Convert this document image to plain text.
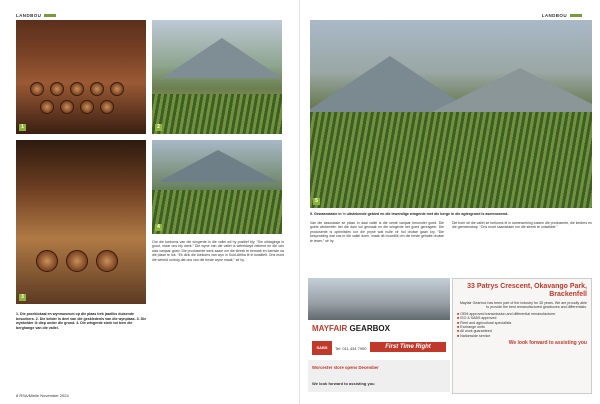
LANDBOU
1	2
3
4
1. Die proeklokaal en wynmuseum op die plaas trek jaarliks duisende besoekers. 2. Die kelder is deel van die geskiedenis van die wynplaas. 3. Die wynkelder lê diep onder die grond. 4. Die wingerde strek tot teen die berghange van die vallei.
Oor die toekoms van die wingerde in die vallei wil hy positief bly. “Die uitdagings is groot, maar ons bly werk.” Die wyne van die vallei is wêreldwyd bekend en die oes was vanjaar goed. Die produsente werk saam om die streek te bemark en toeriste na die plase te lok. “Ek dink die toekoms van wyn in Suid-Afrika lê in kwaliteit. Ons moet die wêreld oortuig dat ons van die beste wyne maak,” sê hy.
8 RSA/Mieliе November 2024
LANDBOU
5
5. Gewasrotasie in 'n uitstekende gebied en die lewendige wingerde met die berge in die agtergrond is asemrowend.
Van die assosiasie se plase in daai vallei is die oeste vanjaar besonder goed. Die goeie winterreën het die dam vol gemaak en die wingerde het goed gereageer. Die produsente is optimisties oor die pryse wat hulle vir hul druiwe gaan kry. “Die besproeiing wat ons in die vallei doen, maak dit moontlik om die beste gehalte druiwe te lewer,” sê hy.
Die boer sê die vallei se toekoms lê in samewerking tussen die produsente, die kelders en die gemeenskap. “Ons moet saamstaan om die streek te ontwikkel.”
MAYFAIR GEARBOX
SABS	Tel: 011 434 7900	First Time Right
Worcester store opens December
We look forward to assisting you
33 Patrys Crescent, Okavango Park, Brackenfell
Mayfair Gearbox has been part of the industry for 35 years. We are proudly able to provide the best remanufactured gearboxes and differentials.
■ OEM approved transmission and differential remanufacturer
■ ISO & SABS approved
■ Fleet and agricultural specialists
■ Exchange units
■ All work guaranteed
■ Nationwide service
We look forward to assisting you
